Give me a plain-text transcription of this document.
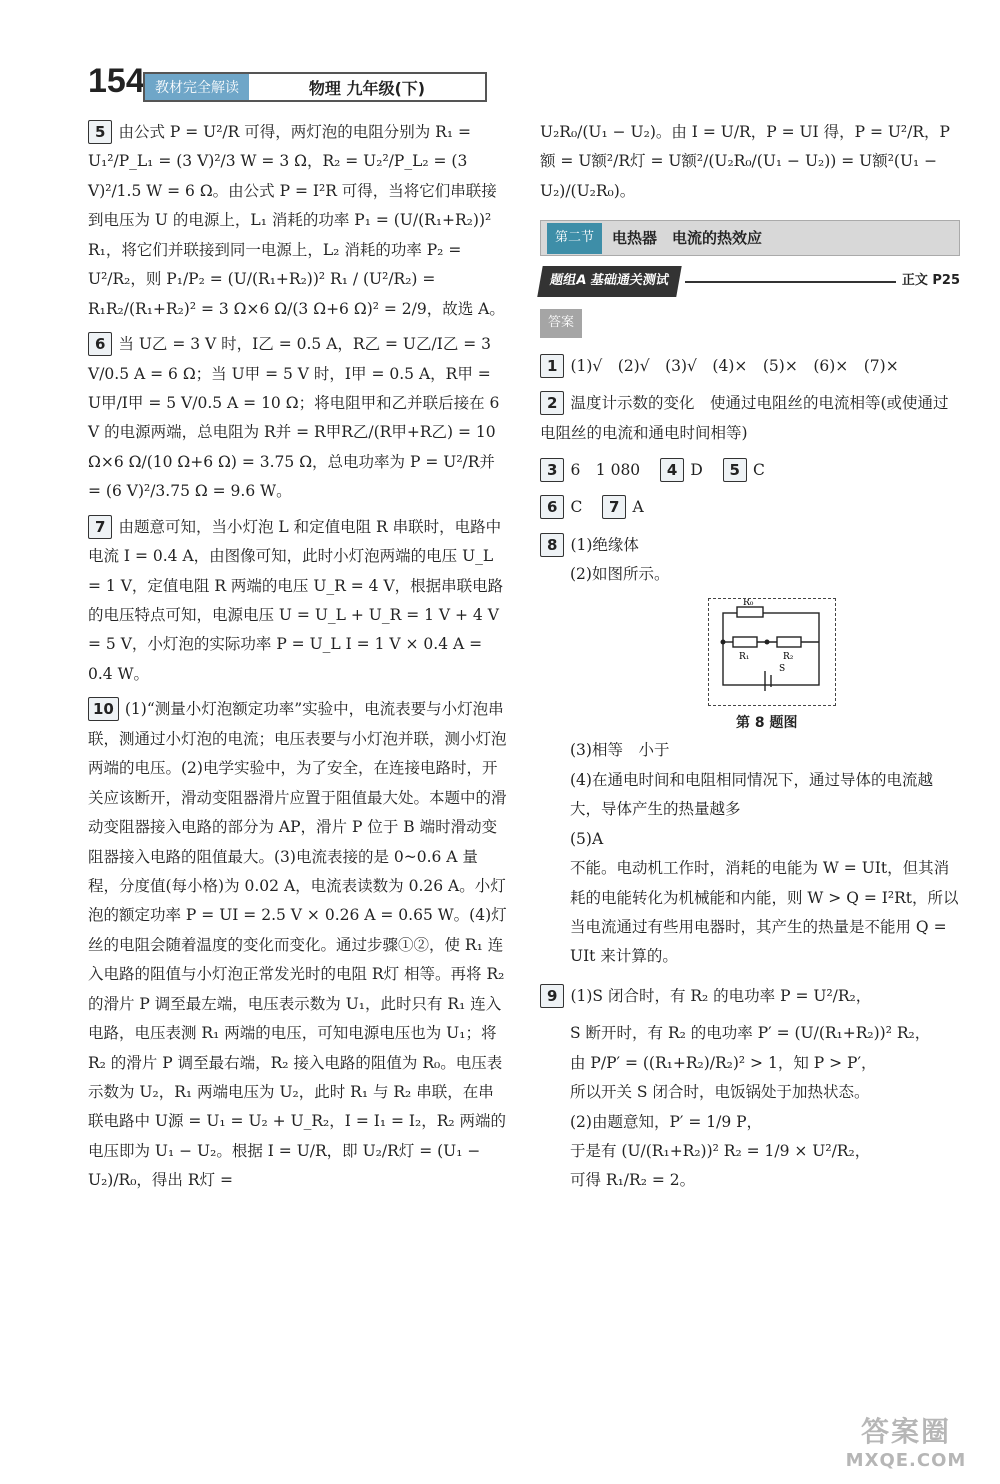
154 教材完全解读	物理 九年级(下)

5 由公式 P = U²/R 可得，两灯泡的电阻分别为 R₁ = U₁²/P_L₁ = (3 V)²/3 W = 3 Ω，R₂ = U₂²/P_L₂ = (3 V)²/1.5 W = 6 Ω。由公式 P = I²R 可得，当将它们串联接到电压为 U 的电源上，L₁ 消耗的功率 P₁ = (U/(R₁+R₂))² R₁，将它们并联接到同一电源上，L₂ 消耗的功率 P₂ = U²/R₂，则 P₁/P₂ = (U/(R₁+R₂))² R₁ / (U²/R₂) = R₁R₂/(R₁+R₂)² = 3 Ω×6 Ω/(3 Ω+6 Ω)² = 2/9，故选 A。

6 当 U乙 = 3 V 时，I乙 = 0.5 A，R乙 = U乙/I乙 = 3 V/0.5 A = 6 Ω；当 U甲 = 5 V 时，I甲 = 0.5 A，R甲 = U甲/I甲 = 5 V/0.5 A = 10 Ω；将电阻甲和乙并联后接在 6 V 的电源两端，总电阻为 R并 = R甲R乙/(R甲+R乙) = 10 Ω×6 Ω/(10 Ω+6 Ω) = 3.75 Ω，总电功率为 P = U²/R并 = (6 V)²/3.75 Ω = 9.6 W。

7 由题意可知，当小灯泡 L 和定值电阻 R 串联时，电路中电流 I = 0.4 A，由图像可知，此时小灯泡两端的电压 U_L = 1 V，定值电阻 R 两端的电压 U_R = 4 V，根据串联电路的电压特点可知，电源电压 U = U_L + U_R = 1 V + 4 V = 5 V，小灯泡的实际功率 P = U_L I = 1 V × 0.4 A = 0.4 W。

10 (1)“测量小灯泡额定功率”实验中，电流表要与小灯泡串联，测通过小灯泡的电流；电压表要与小灯泡并联，测小灯泡两端的电压。(2)电学实验中，为了安全，在连接电路时，开关应该断开，滑动变阻器滑片应置于阻值最大处。本题中的滑动变阻器接入电路的部分为 AP，滑片 P 位于 B 端时滑动变阻器接入电路的阻值最大。(3)电流表接的是 0~0.6 A 量程，分度值(每小格)为 0.02 A，电流表读数为 0.26 A。小灯泡的额定功率 P = UI = 2.5 V × 0.26 A = 0.65 W。(4)灯丝的电阻会随着温度的变化而变化。通过步骤①②，使 R₁ 连入电路的阻值与小灯泡正常发光时的电阻 R灯 相等。再将 R₂ 的滑片 P 调至最左端，电压表示数为 U₁，此时只有 R₁ 连入电路，电压表测 R₁ 两端的电压，可知电源电压也为 U₁；将 R₂ 的滑片 P 调至最右端，R₂ 接入电路的阻值为 R₀。电压表示数为 U₂，R₁ 两端电压为 U₂，此时 R₁ 与 R₂ 串联，在串联电路中 U源 = U₁ = U₂ + U_R₂，I = I₁ = I₂，R₂ 两端的电压即为 U₁ − U₂。根据 I = U/R，即 U₂/R灯 = (U₁ − U₂)/R₀，得出 R灯 =

U₂R₀/(U₁ − U₂)。由 I = U/R，P = UI 得，P = U²/R，P额 = U额²/R灯 = U额²/(U₂R₀/(U₁ − U₂)) = U额²(U₁ − U₂)/(U₂R₀)。

第二节	电热器　电流的热效应
题组A 基础通关测试	正文 P25
答案
1 (1)√　(2)√　(3)√　(4)×　(5)×　(6)×　(7)×
2 温度计示数的变化　使通过电阻丝的电流相等(或使通过电阻丝的电流和通电时间相等)
3 6　1 080 4 D 5 C
6 C 7 A
8 (1)绝缘体
(2)如图所示。
R₀
R₁	R₂
S
第 8 题图
(3)相等　小于
(4)在通电时间和电阻相同情况下，通过导体的电流越大，导体产生的热量越多
(5)A
不能。电动机工作时，消耗的电能为 W = UIt，但其消耗的电能转化为机械能和内能，则 W > Q = I²Rt，所以当电流通过有些用电器时，其产生的热量是不能用 Q = UIt 来计算的。
9 (1)S 闭合时，有 R₂ 的电功率 P = U²/R₂，
S 断开时，有 R₂ 的电功率 P′ = (U/(R₁+R₂))² R₂，
由 P/P′ = ((R₁+R₂)/R₂)² > 1，知 P > P′，
所以开关 S 闭合时，电饭锅处于加热状态。
(2)由题意知，P′ = 1/9 P，
于是有 (U/(R₁+R₂))² R₂ = 1/9 × U²/R₂，
可得 R₁/R₂ = 2。
答案圈
MXQE.COM
